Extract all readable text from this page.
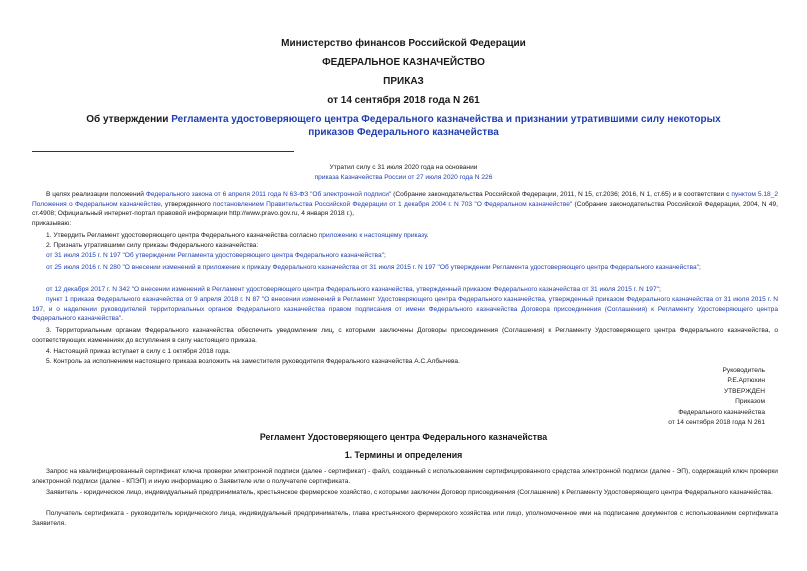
Министерство финансов Российской Федерации
ФЕДЕРАЛЬНОЕ КАЗНАЧЕЙСТВО
ПРИКАЗ
от 14 сентября 2018 года N 261
Об утверждении Регламента удостоверяющего центра Федерального казначейства и признании утратившими силу некоторых приказов Федерального казначейства
Утратил силу с 31 июля 2020 года на основании
приказа Казначейства России от 27 июля 2020 года N 226
В целях реализации положений Федерального закона от 6 апреля 2011 года N 63-ФЗ "Об электронной подписи" (Собрание законодательства Российской Федерации, 2011, N 15, ст.2036; 2016, N 1, ст.65) и в соответствии с пунктом 5.18_2 Положения о Федеральном казначействе, утвержденного постановлением Правительства Российской Федерации от 1 декабря 2004 г. N 703 "О Федеральном казначействе" (Собрание законодательства Российской Федерации, 2004, N 49, ст.4908; Официальный интернет-портал правовой информации http://www.pravo.gov.ru, 4 января 2018 г.),
приказываю:
1. Утвердить Регламент удостоверяющего центра Федерального казначейства согласно приложению к настоящему приказу.
2. Признать утратившими силу приказы Федерального казначейства:
от 31 июля 2015 г. N 197 "Об утверждении Регламента удостоверяющего центра Федерального казначейства";
от 25 июля 2016 г. N 280 "О внесении изменений в приложение к приказу Федерального казначейства от 31 июля 2015 г. N 197 "Об утверждении Регламента удостоверяющего центра Федерального казначейства";
от 12 декабря 2017 г. N 342 "О внесении изменений в Регламент удостоверяющего центра Федерального казначейства, утвержденный приказом Федерального казначейства от 31 июля 2015 г. N 197";
пункт 1 приказа Федерального казначейства от 9 апреля 2018 г. N 87 "О внесении изменений в Регламент Удостоверяющего центра Федерального казначейства, утвержденный приказом Федерального казначейства от 31 июля 2015 г. N 197, и о наделении руководителей территориальных органов Федерального казначейства правом подписания от имени Федерального казначейства Договора присоединения (Соглашения) к Регламенту Удостоверяющего центра Федерального казначейства".
3. Территориальным органам Федерального казначейства обеспечить уведомление лиц, с которыми заключены Договоры присоединения (Соглашения) к Регламенту Удостоверяющего центра Федерального казначейства, о соответствующих изменениях до вступления в силу настоящего приказа.
4. Настоящий приказ вступает в силу с 1 октября 2018 года.
5. Контроль за исполнением настоящего приказа возложить на заместителя руководителя Федерального казначейства А.С.Албычева.
Руководитель
Р.Е.Артюхин
УТВЕРЖДЕН
Приказом
Федерального казначейства
от 14 сентября 2018 года N 261
Регламент Удостоверяющего центра Федерального казначейства
1. Термины и определения
Запрос на квалифицированный сертификат ключа проверки электронной подписи (далее - сертификат) - файл, созданный с использованием сертифицированного средства электронной подписи (далее - ЭП), содержащий ключ проверки электронной подписи (далее - КПЭП) и иную информацию о Заявителе или о получателе сертификата.
Заявитель - юридическое лицо, индивидуальный предприниматель, крестьянское фермерское хозяйство, с которыми заключен Договор присоединения (Соглашение) к Регламенту Удостоверяющего центра Федерального казначейства.
Получатель сертификата - руководитель юридического лица, индивидуальный предприниматель, глава крестьянского фермерского хозяйства или лицо, уполномоченное ими на подписание документов с использованием сертификата Заявителя.
